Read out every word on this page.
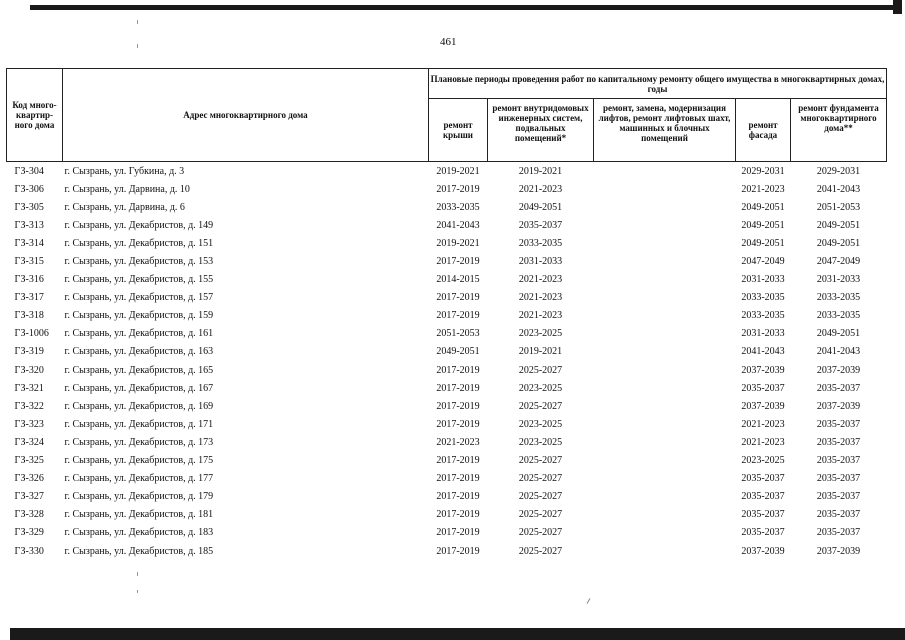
461
Код много-квартир-ного дома	Адрес многоквартирного дома	Плановые периоды проведения работ по капитальному ремонту общего имущества в многоквартирных домах, годы				
		ремонт крыши	ремонт внутридомовых инженерных систем, подвальных помещений*	ремонт, замена, модернизация лифтов, ремонт лифтовых шахт, машинных и блочных помещений	ремонт фасада	ремонт фундамента многоквартирного дома**
ГЗ-304	г. Сызрань, ул. Губкина, д. 3	2019-2021	2019-2021		2029-2031	2029-2031
ГЗ-306	г. Сызрань, ул. Дарвина, д. 10	2017-2019	2021-2023		2021-2023	2041-2043
ГЗ-305	г. Сызрань, ул. Дарвина, д. 6	2033-2035	2049-2051		2049-2051	2051-2053
ГЗ-313	г. Сызрань, ул. Декабристов, д. 149	2041-2043	2035-2037		2049-2051	2049-2051
ГЗ-314	г. Сызрань, ул. Декабристов, д. 151	2019-2021	2033-2035		2049-2051	2049-2051
ГЗ-315	г. Сызрань, ул. Декабристов, д. 153	2017-2019	2031-2033		2047-2049	2047-2049
ГЗ-316	г. Сызрань, ул. Декабристов, д. 155	2014-2015	2021-2023		2031-2033	2031-2033
ГЗ-317	г. Сызрань, ул. Декабристов, д. 157	2017-2019	2021-2023		2033-2035	2033-2035
ГЗ-318	г. Сызрань, ул. Декабристов, д. 159	2017-2019	2021-2023		2033-2035	2033-2035
ГЗ-1006	г. Сызрань, ул. Декабристов, д. 161	2051-2053	2023-2025		2031-2033	2049-2051
ГЗ-319	г. Сызрань, ул. Декабристов, д. 163	2049-2051	2019-2021		2041-2043	2041-2043
ГЗ-320	г. Сызрань, ул. Декабристов, д. 165	2017-2019	2025-2027		2037-2039	2037-2039
ГЗ-321	г. Сызрань, ул. Декабристов, д. 167	2017-2019	2023-2025		2035-2037	2035-2037
ГЗ-322	г. Сызрань, ул. Декабристов, д. 169	2017-2019	2025-2027		2037-2039	2037-2039
ГЗ-323	г. Сызрань, ул. Декабристов, д. 171	2017-2019	2023-2025		2021-2023	2035-2037
ГЗ-324	г. Сызрань, ул. Декабристов, д. 173	2021-2023	2023-2025		2021-2023	2035-2037
ГЗ-325	г. Сызрань, ул. Декабристов, д. 175	2017-2019	2025-2027		2023-2025	2035-2037
ГЗ-326	г. Сызрань, ул. Декабристов, д. 177	2017-2019	2025-2027		2035-2037	2035-2037
ГЗ-327	г. Сызрань, ул. Декабристов, д. 179	2017-2019	2025-2027		2035-2037	2035-2037
ГЗ-328	г. Сызрань, ул. Декабристов, д. 181	2017-2019	2025-2027		2035-2037	2035-2037
ГЗ-329	г. Сызрань, ул. Декабристов, д. 183	2017-2019	2025-2027		2035-2037	2035-2037
ГЗ-330	г. Сызрань, ул. Декабристов, д. 185	2017-2019	2025-2027		2037-2039	2037-2039
